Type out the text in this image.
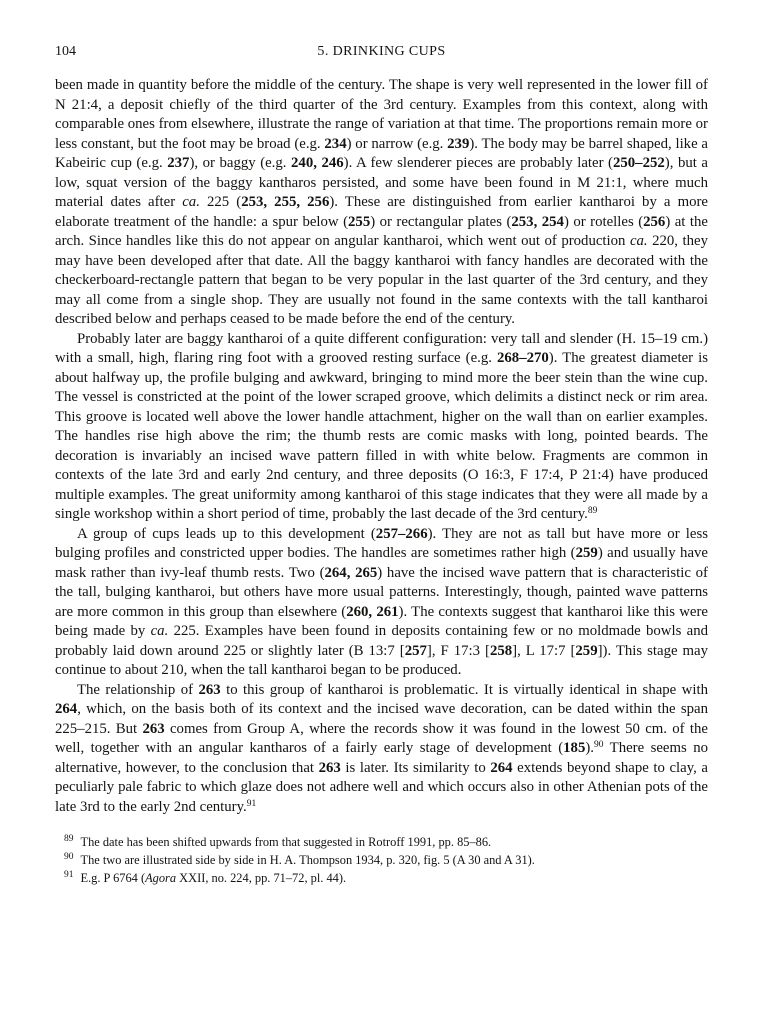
104	5. DRINKING CUPS

been made in quantity before the middle of the century. The shape is very well represented in the lower fill of N 21:4, a deposit chiefly of the third quarter of the 3rd century. Examples from this context, along with comparable ones from elsewhere, illustrate the range of variation at that time. The proportions remain more or less constant, but the foot may be broad (e.g. 234) or narrow (e.g. 239). The body may be barrel shaped, like a Kabeiric cup (e.g. 237), or baggy (e.g. 240, 246). A few slenderer pieces are probably later (250–252), but a low, squat version of the baggy kantharos persisted, and some have been found in M 21:1, where much material dates after ca. 225 (253, 255, 256). These are distinguished from earlier kantharoi by a more elaborate treatment of the handle: a spur below (255) or rectangular plates (253, 254) or rotelles (256) at the arch. Since handles like this do not appear on angular kantharoi, which went out of production ca. 220, they may have been developed after that date. All the baggy kantharoi with fancy handles are decorated with the checkerboard-rectangle pattern that began to be very popular in the last quarter of the 3rd century, and they may all come from a single shop. They are usually not found in the same contexts with the tall kantharoi described below and perhaps ceased to be made before the end of the century.

Probably later are baggy kantharoi of a quite different configuration: very tall and slender (H. 15–19 cm.) with a small, high, flaring ring foot with a grooved resting surface (e.g. 268–270). The greatest diameter is about halfway up, the profile bulging and awkward, bringing to mind more the beer stein than the wine cup. The vessel is constricted at the point of the lower scraped groove, which delimits a distinct neck or rim area. This groove is located well above the lower handle attachment, higher on the wall than on earlier examples. The handles rise high above the rim; the thumb rests are comic masks with long, pointed beards. The decoration is invariably an incised wave pattern filled in with white below. Fragments are common in contexts of the late 3rd and early 2nd century, and three deposits (O 16:3, F 17:4, P 21:4) have produced multiple examples. The great uniformity among kantharoi of this stage indicates that they were all made by a single workshop within a short period of time, probably the last decade of the 3rd century.$^{89}$

A group of cups leads up to this development (257–266). They are not as tall but have more or less bulging profiles and constricted upper bodies. The handles are sometimes rather high (259) and usually have mask rather than ivy-leaf thumb rests. Two (264, 265) have the incised wave pattern that is characteristic of the tall, bulging kantharoi, but others have more usual patterns. Interestingly, though, painted wave patterns are more common in this group than elsewhere (260, 261). The contexts suggest that kantharoi like this were being made by ca. 225. Examples have been found in deposits containing few or no moldmade bowls and probably laid down around 225 or slightly later (B 13:7 [257], F 17:3 [258], L 17:7 [259]). This stage may continue to about 210, when the tall kantharoi began to be produced.

The relationship of 263 to this group of kantharoi is problematic. It is virtually identical in shape with 264, which, on the basis both of its context and the incised wave decoration, can be dated within the span 225–215. But 263 comes from Group A, where the records show it was found in the lowest 50 cm. of the well, together with an angular kantharos of a fairly early stage of development (185).$^{90}$ There seems no alternative, however, to the conclusion that 263 is later. Its similarity to 264 extends beyond shape to clay, a peculiarly pale fabric to which glaze does not adhere well and which occurs also in other Athenian pots of the late 3rd to the early 2nd century.$^{91}$

$^{89}$ The date has been shifted upwards from that suggested in Rotroff 1991, pp. 85–86.
$^{90}$ The two are illustrated side by side in H. A. Thompson 1934, p. 320, fig. 5 (A 30 and A 31).
$^{91}$ E.g. P 6764 (Agora XXII, no. 224, pp. 71–72, pl. 44).
